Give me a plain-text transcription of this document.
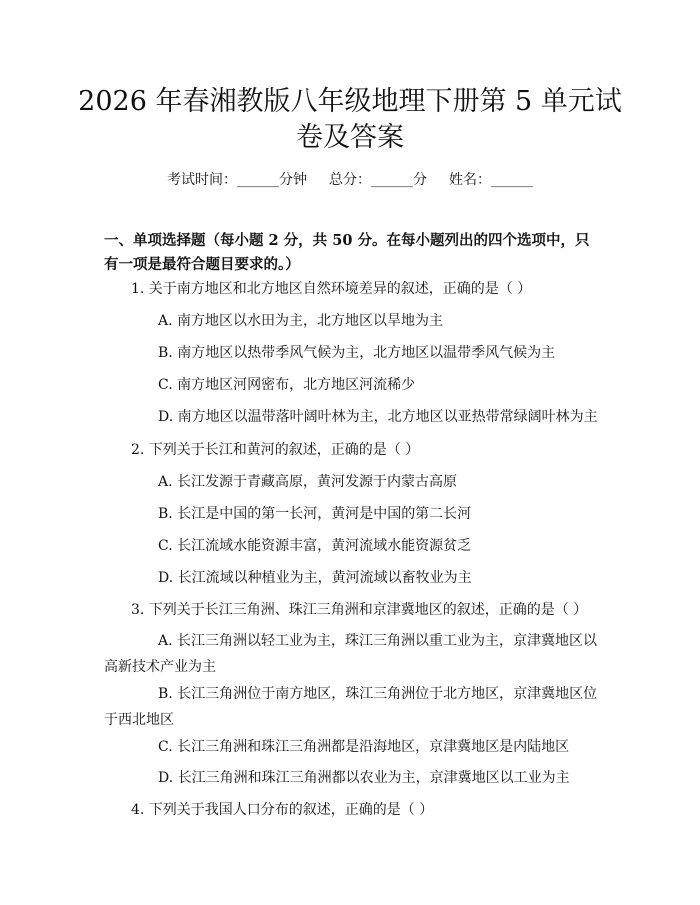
2026 年春湘教版八年级地理下册第 5 单元试
卷及答案
考试时间：______分钟 总分：______分 姓名：______
一、单项选择题（每小题 2 分，共 50 分。在每小题列出的四个选项中，只有一项是最符合题目要求的。）
1. 关于南方地区和北方地区自然环境差异的叙述，正确的是（ ）
A. 南方地区以水田为主，北方地区以旱地为主
B. 南方地区以热带季风气候为主，北方地区以温带季风气候为主
C. 南方地区河网密布，北方地区河流稀少
D. 南方地区以温带落叶阔叶林为主，北方地区以亚热带常绿阔叶林为主
2. 下列关于长江和黄河的叙述，正确的是（ ）
A. 长江发源于青藏高原，黄河发源于内蒙古高原
B. 长江是中国的第一长河，黄河是中国的第二长河
C. 长江流域水能资源丰富，黄河流域水能资源贫乏
D. 长江流域以种植业为主，黄河流域以畜牧业为主
3. 下列关于长江三角洲、珠江三角洲和京津冀地区的叙述，正确的是（ ）
A. 长江三角洲以轻工业为主，珠江三角洲以重工业为主，京津冀地区以高新技术产业为主
B. 长江三角洲位于南方地区，珠江三角洲位于北方地区，京津冀地区位于西北地区
C. 长江三角洲和珠江三角洲都是沿海地区，京津冀地区是内陆地区
D. 长江三角洲和珠江三角洲都以农业为主，京津冀地区以工业为主
4. 下列关于我国人口分布的叙述，正确的是（ ）
